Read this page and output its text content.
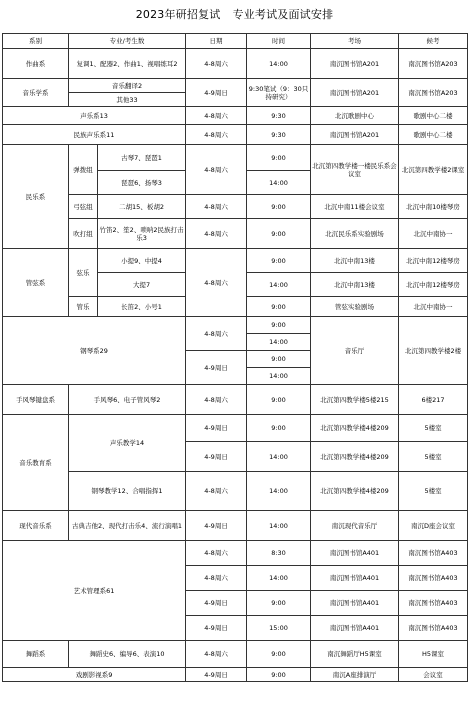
2023年研招复试 专业考试及面试安排
系别	专业/考生数		日期	时间	考场	候考
作曲系	复调1、配器2、作曲1、视唱练耳2		4-8周六	14:00	南沉图书馆A201	南沉图书馆A203
音乐学系	音乐翻译2		4-9周日	9:30笔试（9：30只持研究）	南沉图书馆A201	南沉图书馆A203
	其他33					
声乐系13			4-8周六	9:30	北沉歌剧中心	歌剧中心二楼
民族声乐系11			4-8周六	9:30	南沉图书馆A201	歌剧中心二楼
民乐系	弹拨组	古琴7、琵琶1	4-8周六	9:00	北沉第四教学楼一楼民乐系会议室	北沉第四教学楼2课室
		琵琶6、扬琴3		14:00		
	弓弦组	二胡15、板胡2	4-8周六	9:00	北沉中南11楼会议室	北沉中南10楼琴房
	吹打组	竹笛2、笙2、唢呐2民族打击乐3	4-8周六	9:00	北沉民乐系实验剧场	北沉中南协一
管弦系	弦乐	小提9、中提4	4-8周六	9:00	北沉中南13楼	北沉中南12楼琴房
		大提7		14:00	北沉中南13楼	北沉中南12楼琴房
	管乐	长笛2、小号1		9:00	管弦实验剧场	北沉中南协一
钢琴系29			4-8周六	9:00	音乐厅	北沉第四教学楼2楼
				14:00		
			4-9周日	9:00		
				14:00		
手风琴键盘系	手风琴6、电子管风琴2		4-8周六	9:00	北沉第四教学楼5楼215	6楼217
音乐教育系	声乐教学14		4-9周日	9:00	北沉第四教学楼4楼209	5楼室
			4-9周日	14:00	北沉第四教学楼4楼209	5楼室
	钢琴教学12、合唱指挥1		4-8周六	14:00	北沉第四教学楼4楼209	5楼室
现代音乐系	古典吉他2、现代打击乐4、流行演唱1		4-9周日	14:00	南沉现代音乐厅	南沉D座会议室
艺术管理系61			4-8周六	8:30	南沉图书馆A401	南沉图书馆A403
			4-8周六	14:00	南沉图书馆A401	南沉图书馆A403
			4-9周日	9:00	南沉图书馆A401	南沉图书馆A403
			4-9周日	15:00	南沉图书馆A401	南沉图书馆A403
舞蹈系	舞蹈史6、编导6、表演10		4-8周六	9:00	南沉舞蹈厅H5课室	H5课室
戏剧影视系9			4-9周日	9:00	南沉A座排演厅	会议室
